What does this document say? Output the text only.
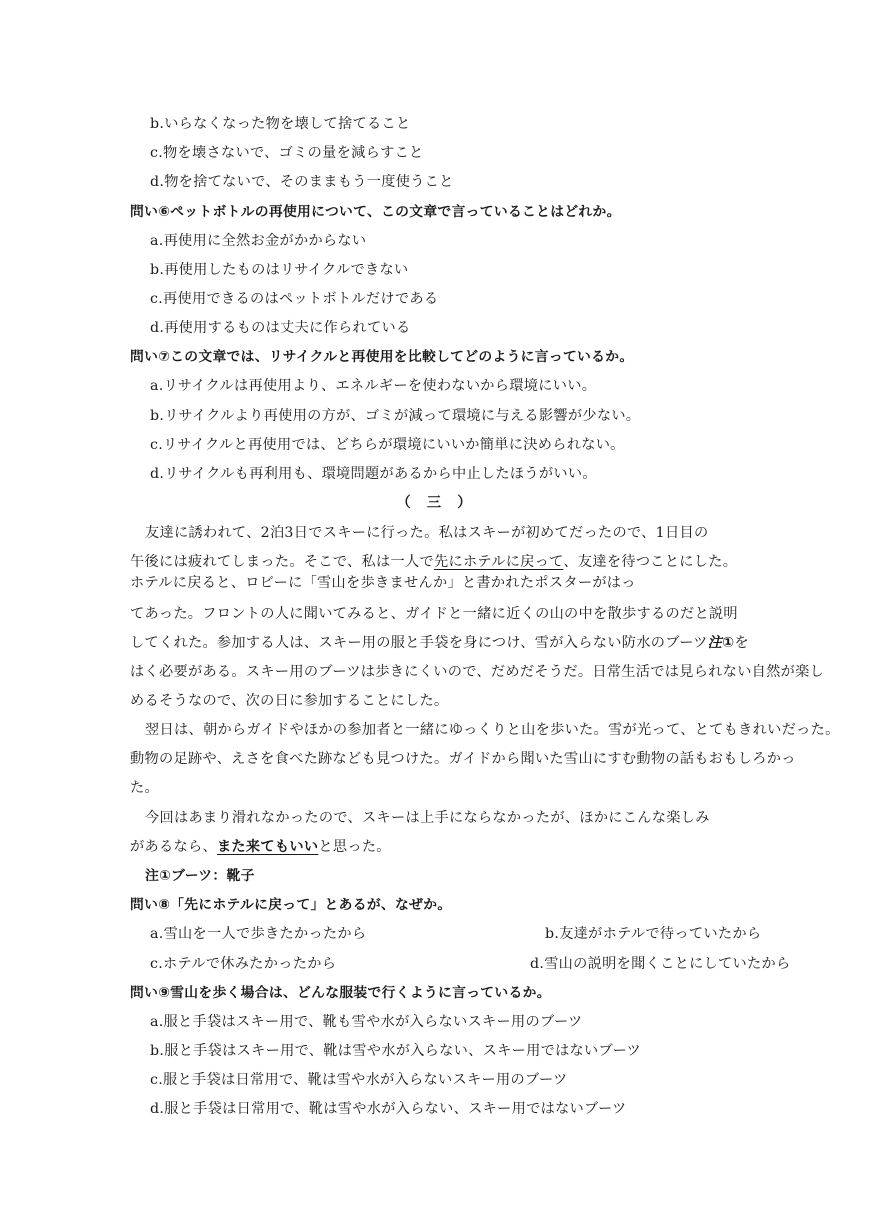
b.いらなくなった物を壊して捨てること
c.物を壊さないで、ゴミの量を減らすこと
d.物を捨てないで、そのままもう一度使うこと
問い⑥ペットボトルの再使用について、この文章で言っていることはどれか。
a.再使用に全然お金がかからない
b.再使用したものはリサイクルできない
c.再使用できるのはペットボトルだけである
d.再使用するものは丈夫に作られている
問い⑦この文章では、リサイクルと再使用を比較してどのように言っているか。
a.リサイクルは再使用より、エネルギーを使わないから環境にいい。
b.リサイクルより再使用の方が、ゴミが減って環境に与える影響が少ない。
c.リサイクルと再使用では、どちらが環境にいいか簡単に決められない。
d.リサイクルも再利用も、環境問題があるから中止したほうがいい。
（　三　）
友達に誘われて、2泊3日でスキーに行った。私はスキーが初めてだったので、1日目の
午後には疲れてしまった。そこで、私は一人で先にホテルに戻って、友達を待つことにした。
ホテルに戻ると、ロビーに「雪山を歩きませんか」と書かれたポスターがはっ
てあった。フロントの人に聞いてみると、ガイドと一緒に近くの山の中を散歩するのだと説明
してくれた。参加する人は、スキー用の服と手袋を身につけ、雪が入らない防水のブーツ注①を
はく必要がある。スキー用のブーツは歩きにくいので、だめだそうだ。日常生活では見られない自然が楽し
めるそうなので、次の日に参加することにした。
翌日は、朝からガイドやほかの参加者と一緒にゆっくりと山を歩いた。雪が光って、とてもきれいだった。
動物の足跡や、えさを食べた跡なども見つけた。ガイドから聞いた雪山にすむ動物の話もおもしろかっ
た。
今回はあまり滑れなかったので、スキーは上手にならなかったが、ほかにこんな楽しみ
があるなら、また来てもいいと思った。
注①ブーツ：靴子
問い⑧「先にホテルに戻って」とあるが、なぜか。
a.雪山を一人で歩きたかったから	b.友達がホテルで待っていたから
c.ホテルで休みたかったから	d.雪山の説明を聞くことにしていたから
問い⑨雪山を歩く場合は、どんな服装で行くように言っているか。
a.服と手袋はスキー用で、靴も雪や水が入らないスキー用のブーツ
b.服と手袋はスキー用で、靴は雪や水が入らない、スキー用ではないブーツ
c.服と手袋は日常用で、靴は雪や水が入らないスキー用のブーツ
d.服と手袋は日常用で、靴は雪や水が入らない、スキー用ではないブーツ
